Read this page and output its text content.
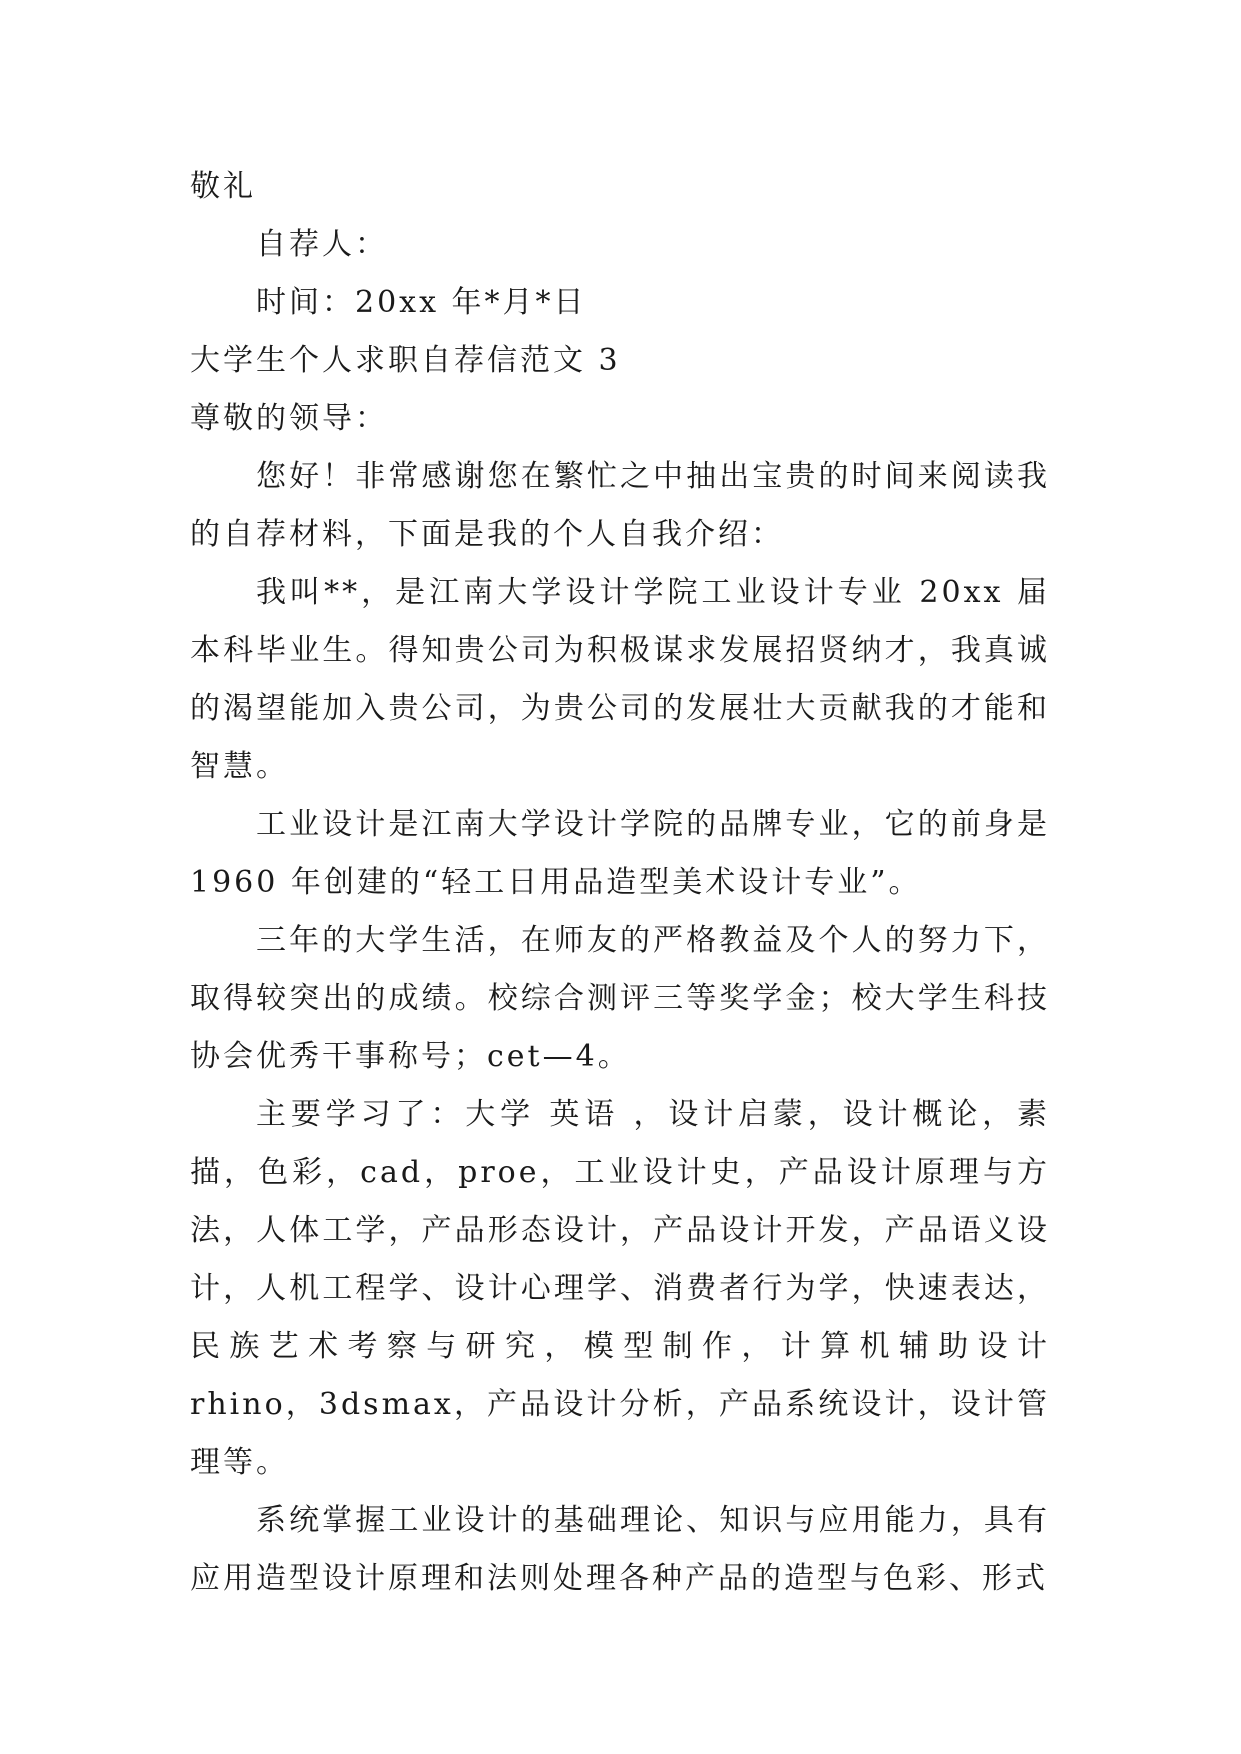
敬礼

自荐人：

时间：20xx 年*月*日

大学生个人求职自荐信范文 3

尊敬的领导：

您好！非常感谢您在繁忙之中抽出宝贵的时间来阅读我的自荐材料，下面是我的个人自我介绍：

我叫**，是江南大学设计学院工业设计专业 20xx 届本科毕业生。得知贵公司为积极谋求发展招贤纳才，我真诚的渴望能加入贵公司，为贵公司的发展壮大贡献我的才能和智慧。

工业设计是江南大学设计学院的品牌专业，它的前身是 1960 年创建的“轻工日用品造型美术设计专业”。

三年的大学生活，在师友的严格教益及个人的努力下，取得较突出的成绩。校综合测评三等奖学金；校大学生科技协会优秀干事称号；cet—4。

主要学习了：大学 英语 ，设计启蒙，设计概论，素描，色彩，cad，proe，工业设计史，产品设计原理与方法，人体工学，产品形态设计，产品设计开发，产品语义设计，人机工程学、设计心理学、消费者行为学，快速表达，民族艺术考察与研究，模型制作，计算机辅助设计 rhino，3dsmax，产品设计分析，产品系统设计，设计管理等。

系统掌握工业设计的基础理论、知识与应用能力，具有应用造型设计原理和法则处理各种产品的造型与色彩、形式
